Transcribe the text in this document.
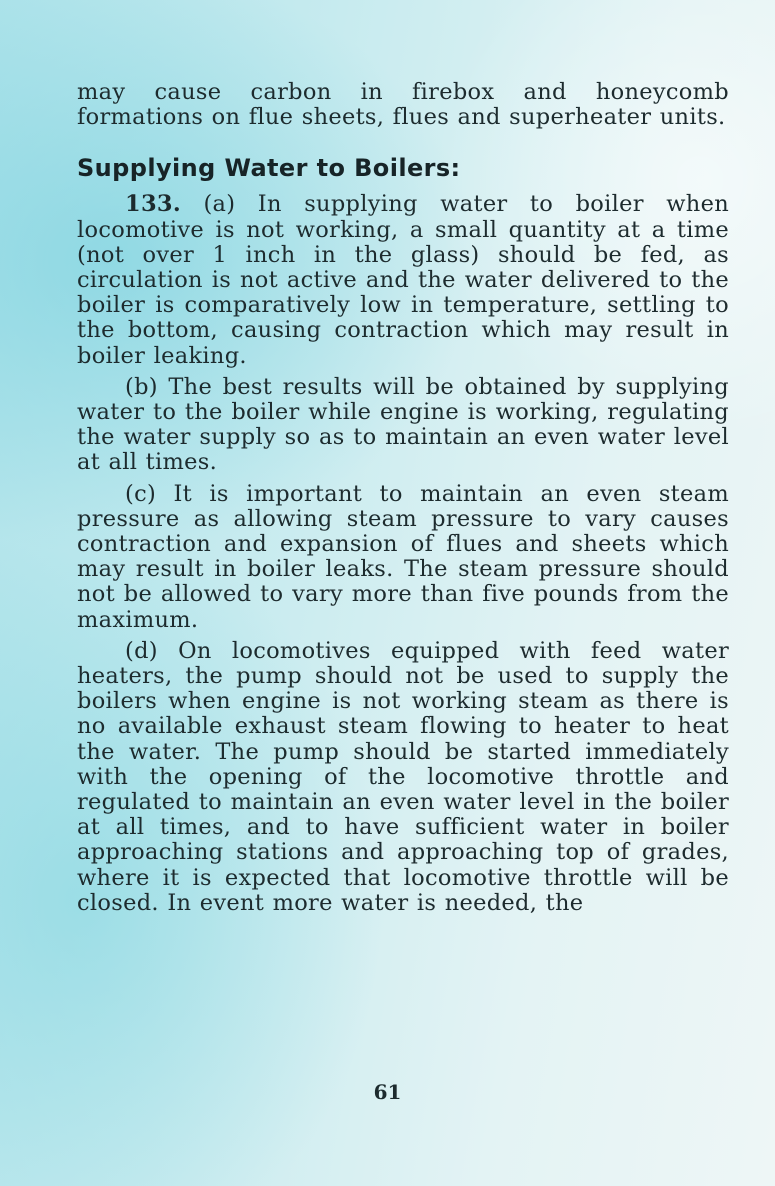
may cause carbon in firebox and honeycomb formations on flue sheets, flues and superheater units.

Supplying Water to Boilers:

133. (a) In supplying water to boiler when locomotive is not working, a small quantity at a time (not over 1 inch in the glass) should be fed, as circulation is not active and the water delivered to the boiler is comparatively low in temperature, settling to the bottom, causing contraction which may result in boiler leaking.

(b) The best results will be obtained by supplying water to the boiler while engine is working, regulating the water supply so as to maintain an even water level at all times.

(c) It is important to maintain an even steam pressure as allowing steam pressure to vary causes contraction and expansion of flues and sheets which may result in boiler leaks. The steam pressure should not be allowed to vary more than five pounds from the maximum.

(d) On locomotives equipped with feed water heaters, the pump should not be used to supply the boilers when engine is not working steam as there is no available exhaust steam flowing to heater to heat the water. The pump should be started immediately with the opening of the locomotive throttle and regulated to maintain an even water level in the boiler at all times, and to have sufficient water in boiler approaching stations and approaching top of grades, where it is expected that locomotive throttle will be closed. In event more water is needed, the

61
